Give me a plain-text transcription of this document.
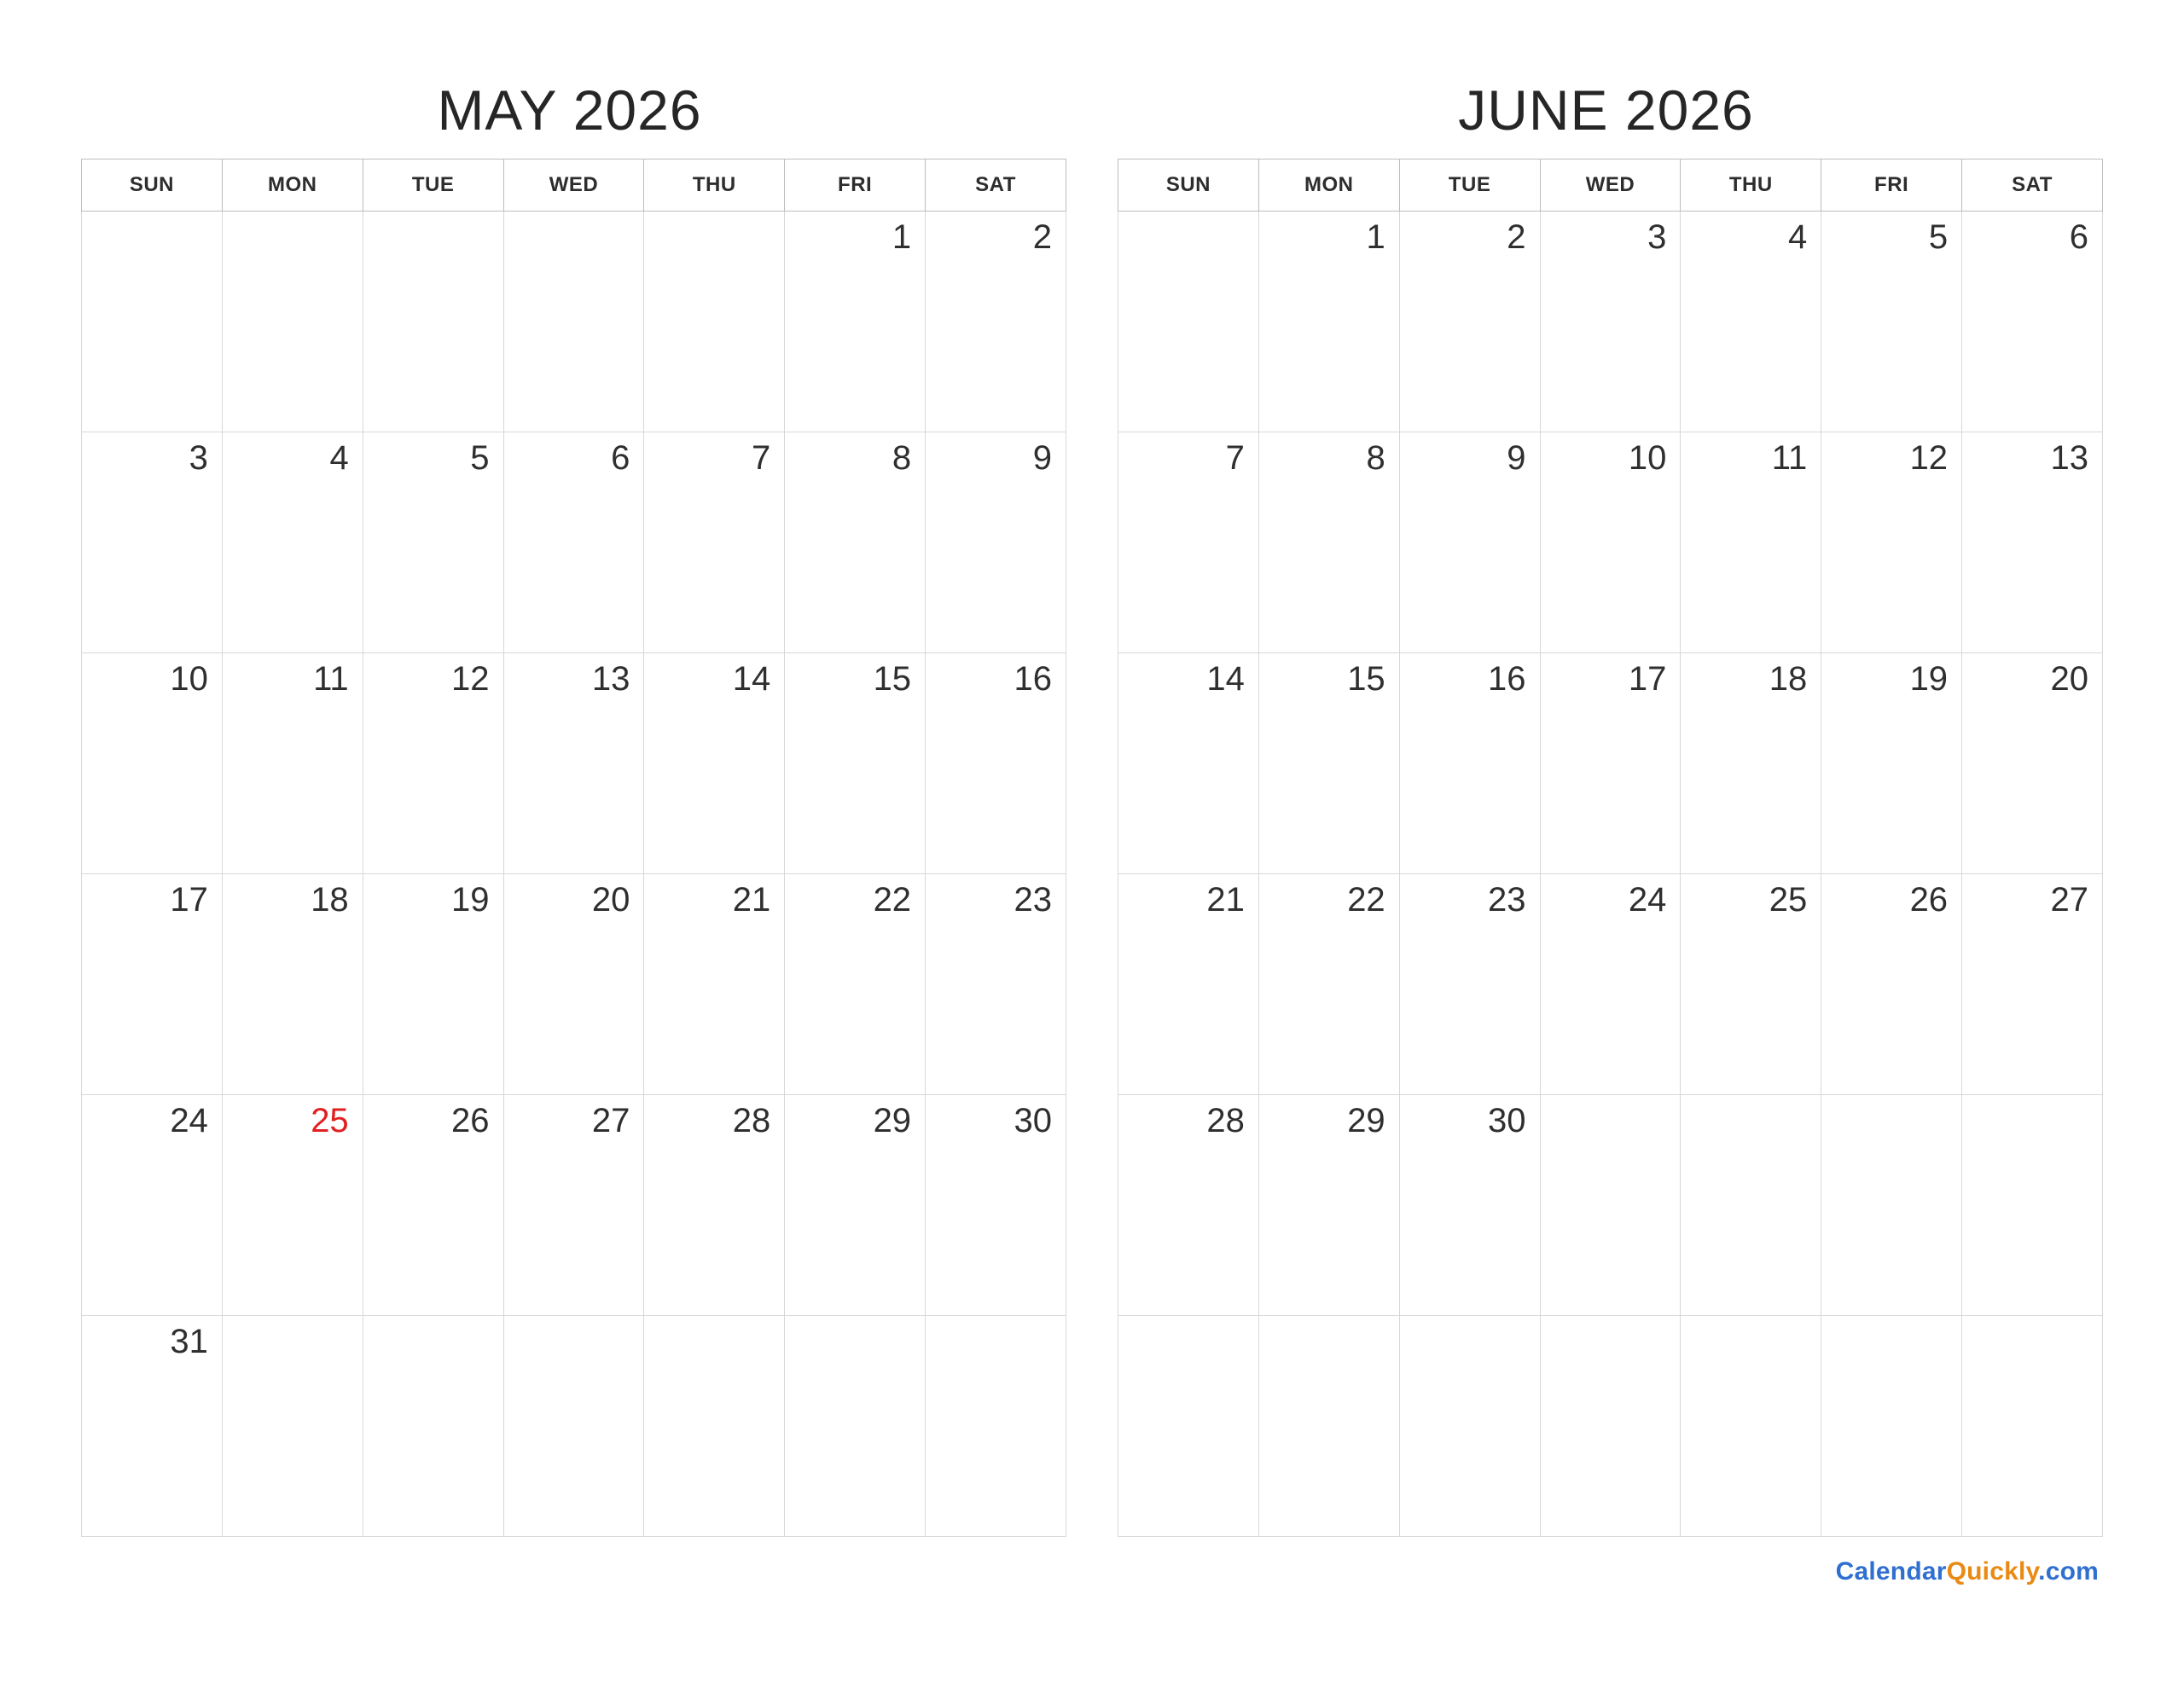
MAY 2026
SUN	MON	TUE	WED	THU	FRI	SAT

					1	2

3	4	5	6	7	8	9

10	11	12	13	14	15	16

17	18	19	20	21	22	23

24	25	26	27	28	29	30

31						

JUNE 2026
SUN	MON	TUE	WED	THU	FRI	SAT

	1	2	3	4	5	6

7	8	9	10	11	12	13

14	15	16	17	18	19	20

21	22	23	24	25	26	27

28	29	30				

CalendarQuickly.com
